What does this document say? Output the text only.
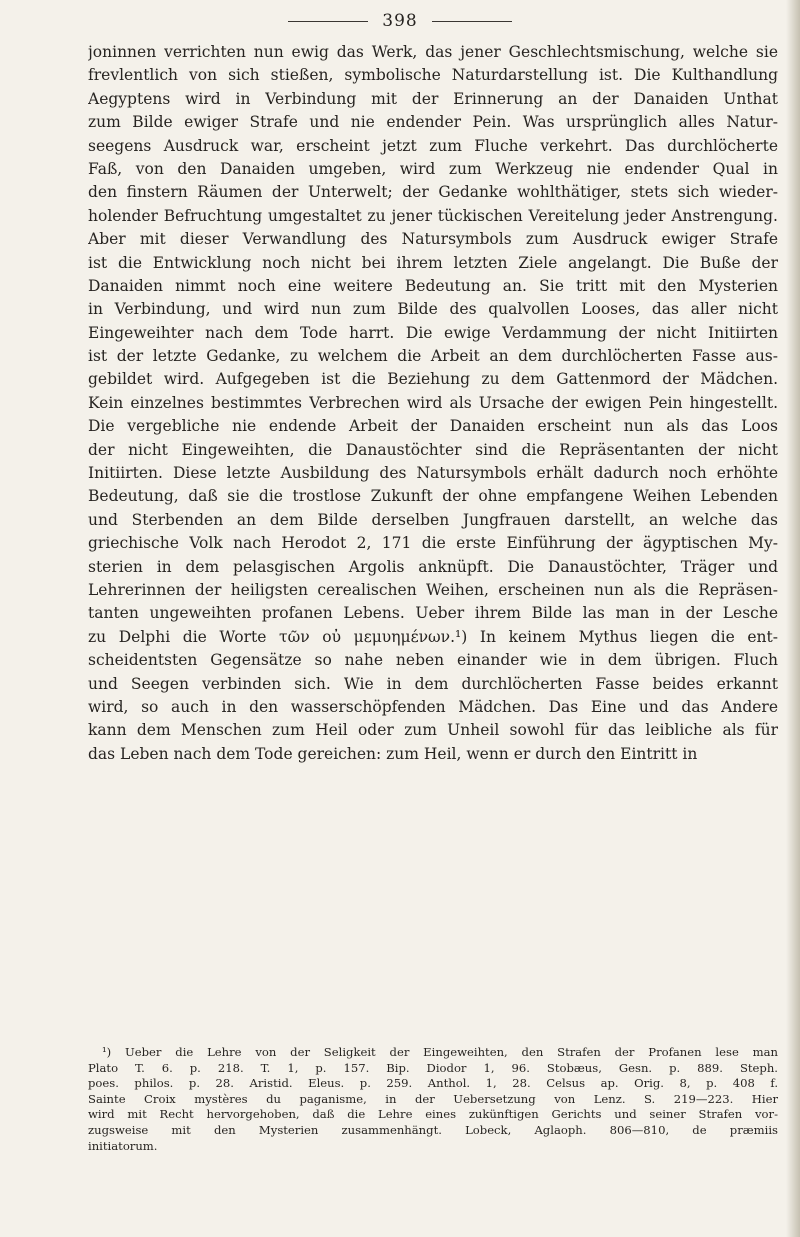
398
joninnen verrichten nun ewig das Werk, das jener Geschlechtsmischung, welche sie
frevlentlich von sich stießen, symbolische Naturdarstellung ist. Die Kulthandlung
Aegyptens wird in Verbindung mit der Erinnerung an der Danaiden Unthat
zum Bilde ewiger Strafe und nie endender Pein. Was ursprünglich alles Natur-
seegens Ausdruck war, erscheint jetzt zum Fluche verkehrt. Das durchlöcherte
Faß, von den Danaiden umgeben, wird zum Werkzeug nie endender Qual in
den finstern Räumen der Unterwelt; der Gedanke wohlthätiger, stets sich wieder-
holender Befruchtung umgestaltet zu jener tückischen Vereitelung jeder Anstrengung.
Aber mit dieser Verwandlung des Natursymbols zum Ausdruck ewiger Strafe
ist die Entwicklung noch nicht bei ihrem letzten Ziele angelangt. Die Buße der
Danaiden nimmt noch eine weitere Bedeutung an. Sie tritt mit den Mysterien
in Verbindung, und wird nun zum Bilde des qualvollen Looses, das aller nicht
Eingeweihter nach dem Tode harrt. Die ewige Verdammung der nicht Initiirten
ist der letzte Gedanke, zu welchem die Arbeit an dem durchlöcherten Fasse aus-
gebildet wird. Aufgegeben ist die Beziehung zu dem Gattenmord der Mädchen.
Kein einzelnes bestimmtes Verbrechen wird als Ursache der ewigen Pein hingestellt.
Die vergebliche nie endende Arbeit der Danaiden erscheint nun als das Loos
der nicht Eingeweihten, die Danaustöchter sind die Repräsentanten der nicht
Initiirten. Diese letzte Ausbildung des Natursymbols erhält dadurch noch erhöhte
Bedeutung, daß sie die trostlose Zukunft der ohne empfangene Weihen Lebenden
und Sterbenden an dem Bilde derselben Jungfrauen darstellt, an welche das
griechische Volk nach Herodot 2, 171 die erste Einführung der ägyptischen My-
sterien in dem pelasgischen Argolis anknüpft. Die Danaustöchter, Träger und
Lehrerinnen der heiligsten cerealischen Weihen, erscheinen nun als die Repräsen-
tanten ungeweihten profanen Lebens. Ueber ihrem Bilde las man in der Lesche
zu Delphi die Worte τῶν οὐ μεμυημένων.¹) In keinem Mythus liegen die ent-
scheidentsten Gegensätze so nahe neben einander wie in dem übrigen. Fluch
und Seegen verbinden sich. Wie in dem durchlöcherten Fasse beides erkannt
wird, so auch in den wasserschöpfenden Mädchen. Das Eine und das Andere
kann dem Menschen zum Heil oder zum Unheil sowohl für das leibliche als für
das Leben nach dem Tode gereichen: zum Heil, wenn er durch den Eintritt in
¹) Ueber die Lehre von der Seligkeit der Eingeweihten, den Strafen der Profanen lese man
Plato T. 6. p. 218. T. 1, p. 157. Bip. Diodor 1, 96. Stobæus, Gesn. p. 889. Steph.
poes. philos. p. 28. Aristid. Eleus. p. 259. Anthol. 1, 28. Celsus ap. Orig. 8, p. 408 f.
Sainte Croix mystères du paganisme, in der Uebersetzung von Lenz. S. 219—223. Hier
wird mit Recht hervorgehoben, daß die Lehre eines zukünftigen Gerichts und seiner Strafen vor-
zugsweise mit den Mysterien zusammenhängt. Lobeck, Aglaoph. 806—810, de præmiis
initiatorum.
